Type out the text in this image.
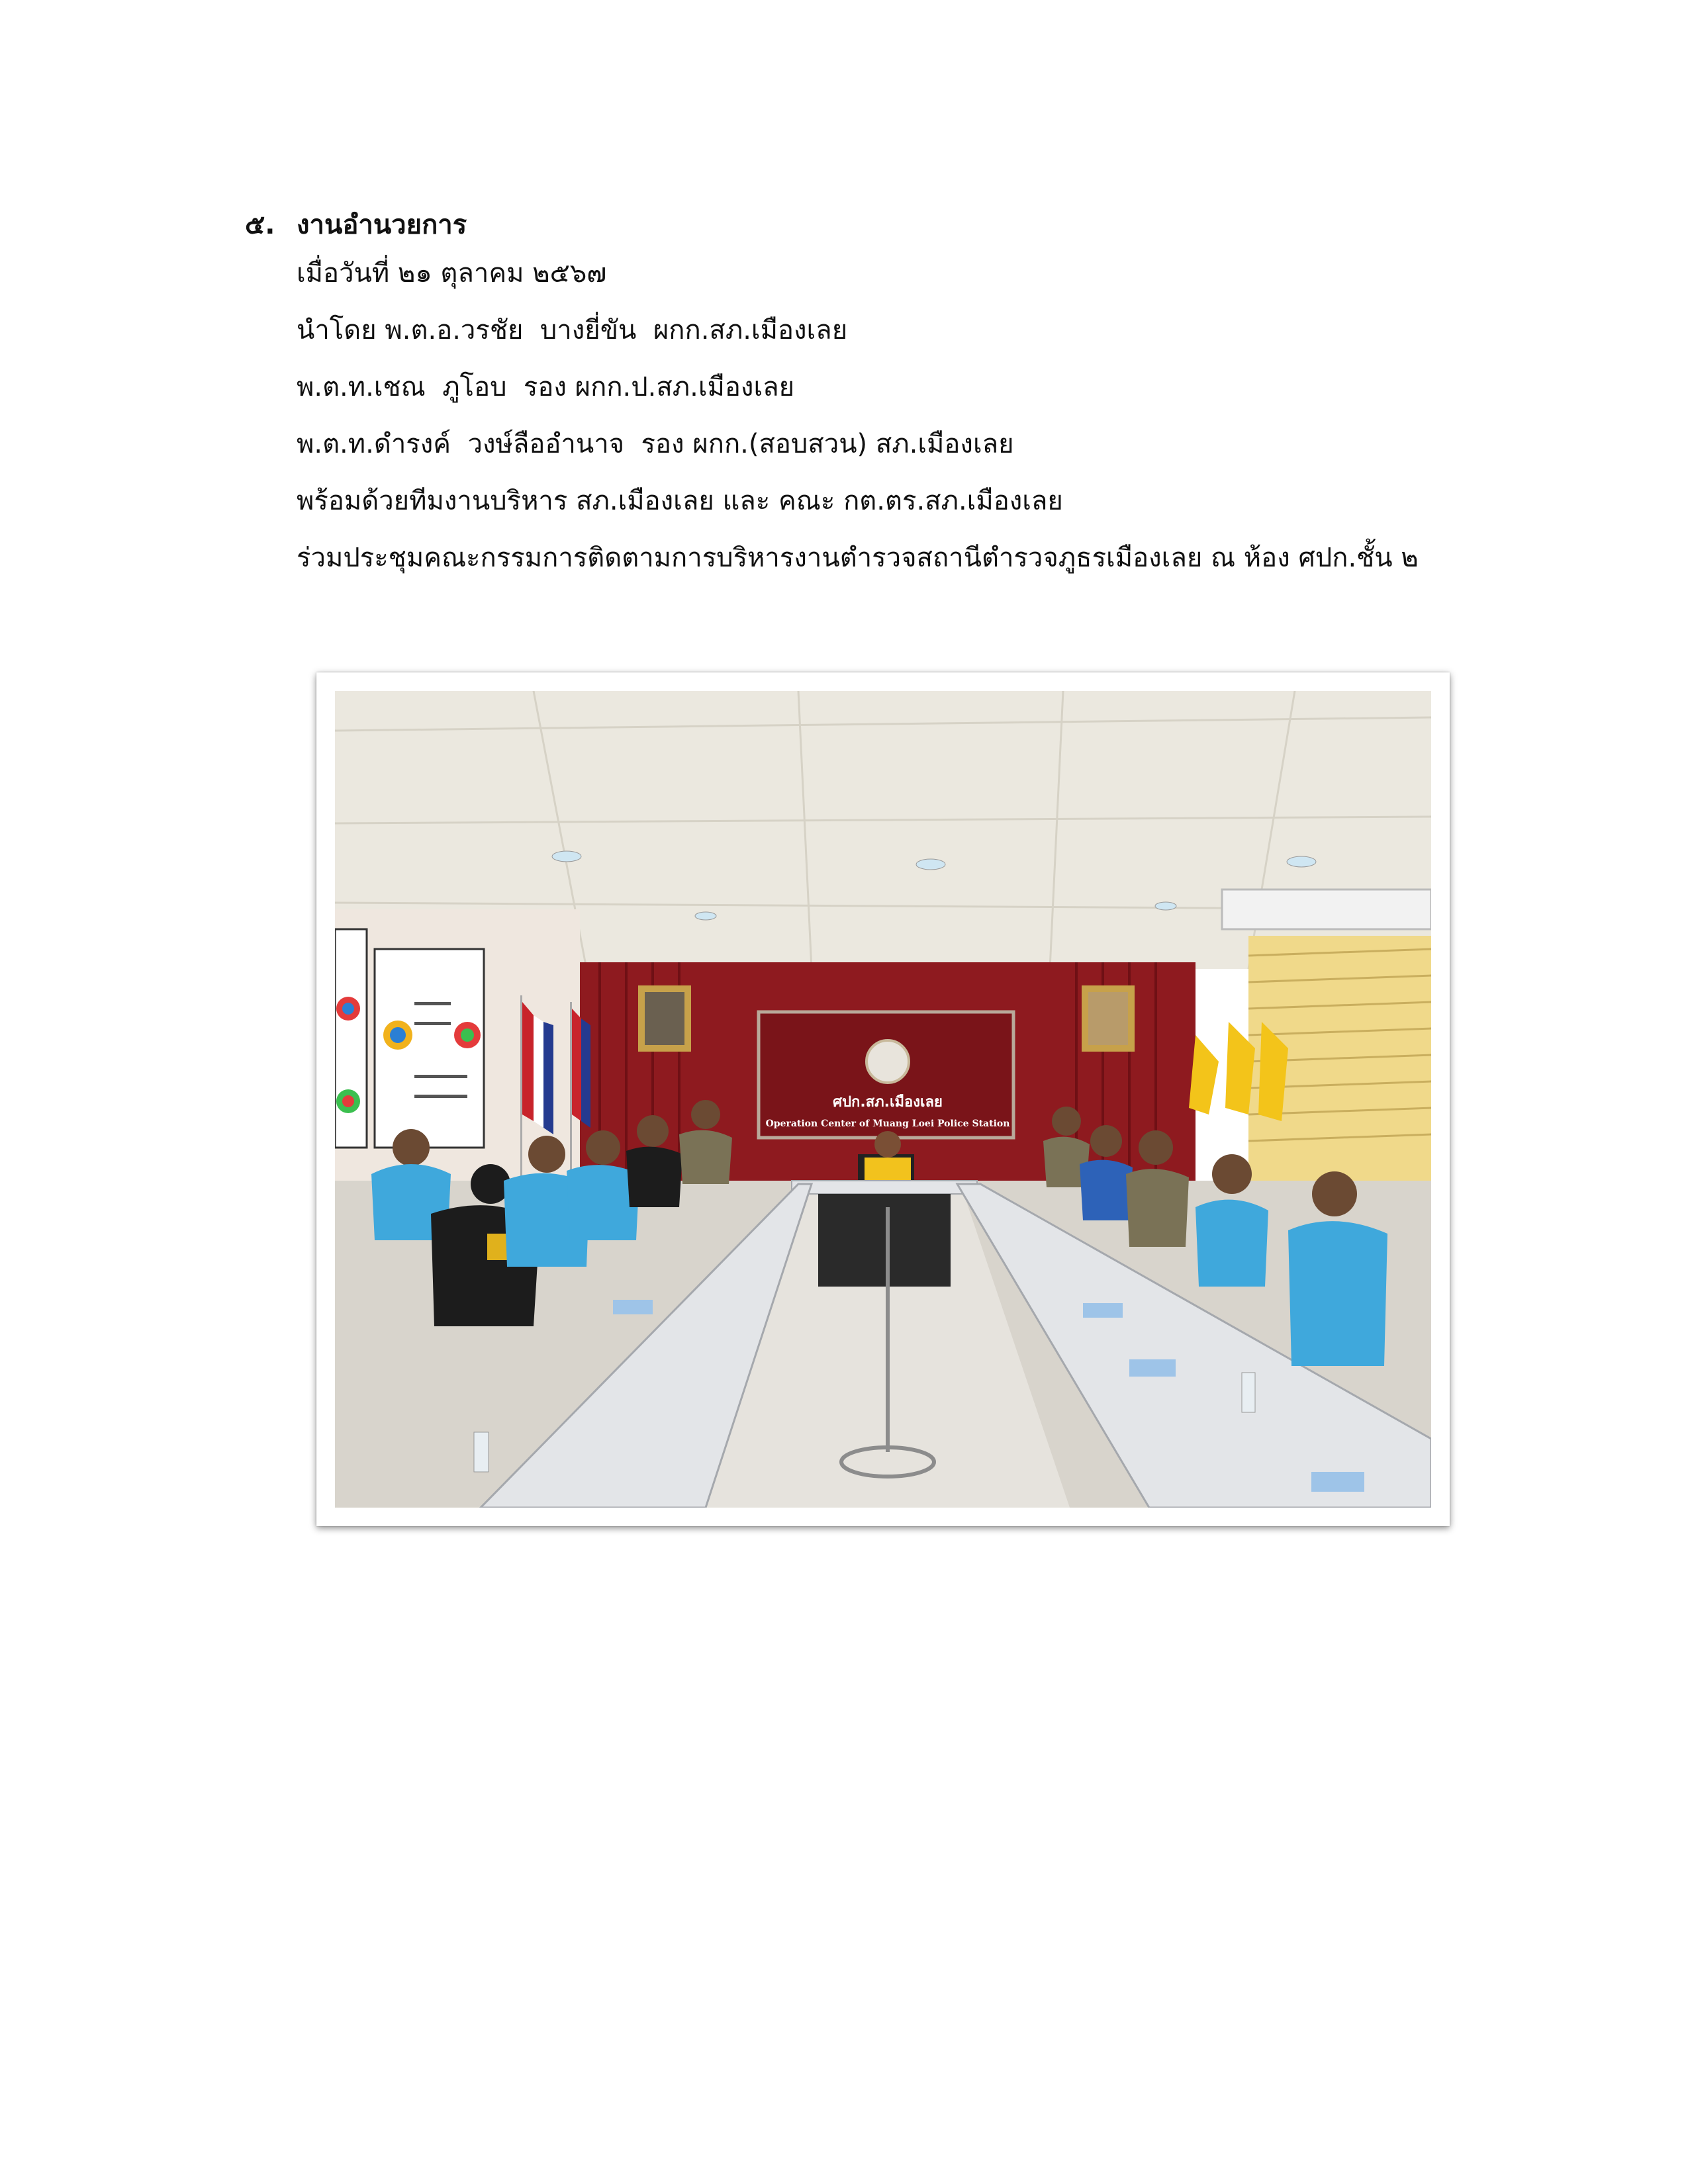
๕. งานอำนวยการ
เมื่อวันที่ ๒๑ ตุลาคม ๒๕๖๗
นำโดย พ.ต.อ.วรชัย  บางยี่ขัน  ผกก.สภ.เมืองเลย
พ.ต.ท.เชณ  ภูโอบ  รอง ผกก.ป.สภ.เมืองเลย
พ.ต.ท.ดำรงค์  วงษ์ลืออำนาจ  รอง ผกก.(สอบสวน) สภ.เมืองเลย
พร้อมด้วยทีมงานบริหาร สภ.เมืองเลย และ คณะ กต.ตร.สภ.เมืองเลย
ร่วมประชุมคณะกรรมการติดตามการบริหารงานตำรวจสถานีตำรวจภูธรเมืองเลย ณ ห้อง ศปก.ชั้น ๒
ศปก.สภ.เมืองเลย
Operation Center of Muang Loei Police Station
